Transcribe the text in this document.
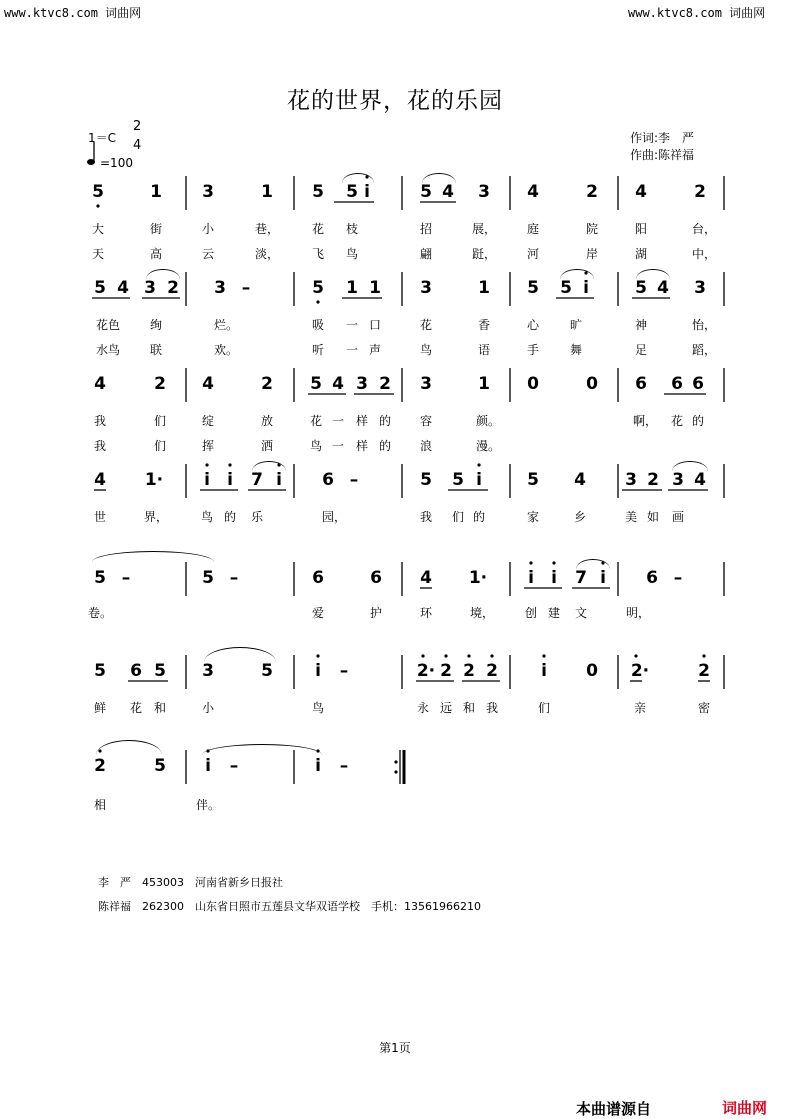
www.ktvc8.com 词曲网	www.ktvc8.com 词曲网
花的世界，花的乐园
1＝C
2
4
=100
作词:李　严
作曲:陈祥福
5	1 3	1 5 5 i	5 4 3 4	2 4	2
大	街	小	巷，	花 枝	招	展，	庭	院	阳	台，
天	高	云	淡，	飞 鸟	翩	跹，	河	岸	湖	中，
5 4 3 2 3 –	5 1 1 3	1 5 5 i	5 4 3
花色 绚	烂。	吸 一 口	花	香	心	旷	神	怡，
水鸟 联	欢。	听 一 声	鸟	语	手	舞	足	蹈，
4	2 4	2 5 4 3 2 3	1 0	0 6 6 6
我	们	绽	放	花 一 样 的 容	颜。	啊， 花 的
我	们	挥	洒	鸟 一 样 的 浪	漫。
4 1· i i 7 i 6 –	5 5 i	5 4 3 2 3 4
世	界，	鸟 的 乐	园，	我 们 的	家	乡	美 如 画
5 –	5 –	6	6 4 1· i i 7 i 6 –
卷。	爱	护	环	境，	创 建 文	明，
5 6 5 3	5 i –	2· 2 2 2	i 0 2·	2
鲜 花 和	小	鸟	永 远 和 我	们	亲	密
2	5 i –	i –
相	伴。
李　严　453003　河南省新乡日报社
陈祥福　262300　山东省日照市五莲县文华双语学校　手机：13561966210
第1页
本曲谱源自	词曲网
